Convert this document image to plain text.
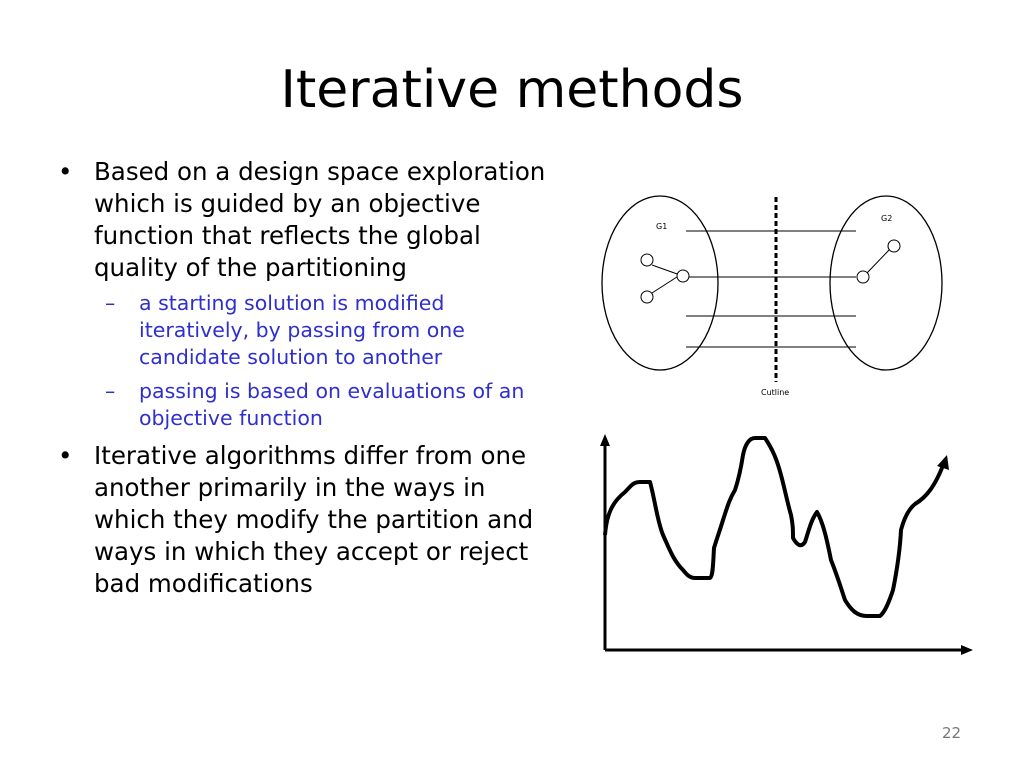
Iterative methods
• Based on a design space exploration which is guided by an objective function that reflects the global quality of the partitioning
– a starting solution is modified iteratively, by passing from one candidate solution to another
– passing is based on evaluations of an objective function
• Iterative algorithms differ from one another primarily in the ways in which they modify the partition and ways in which they accept or reject bad modifications
G1
G2
Cutline
22
